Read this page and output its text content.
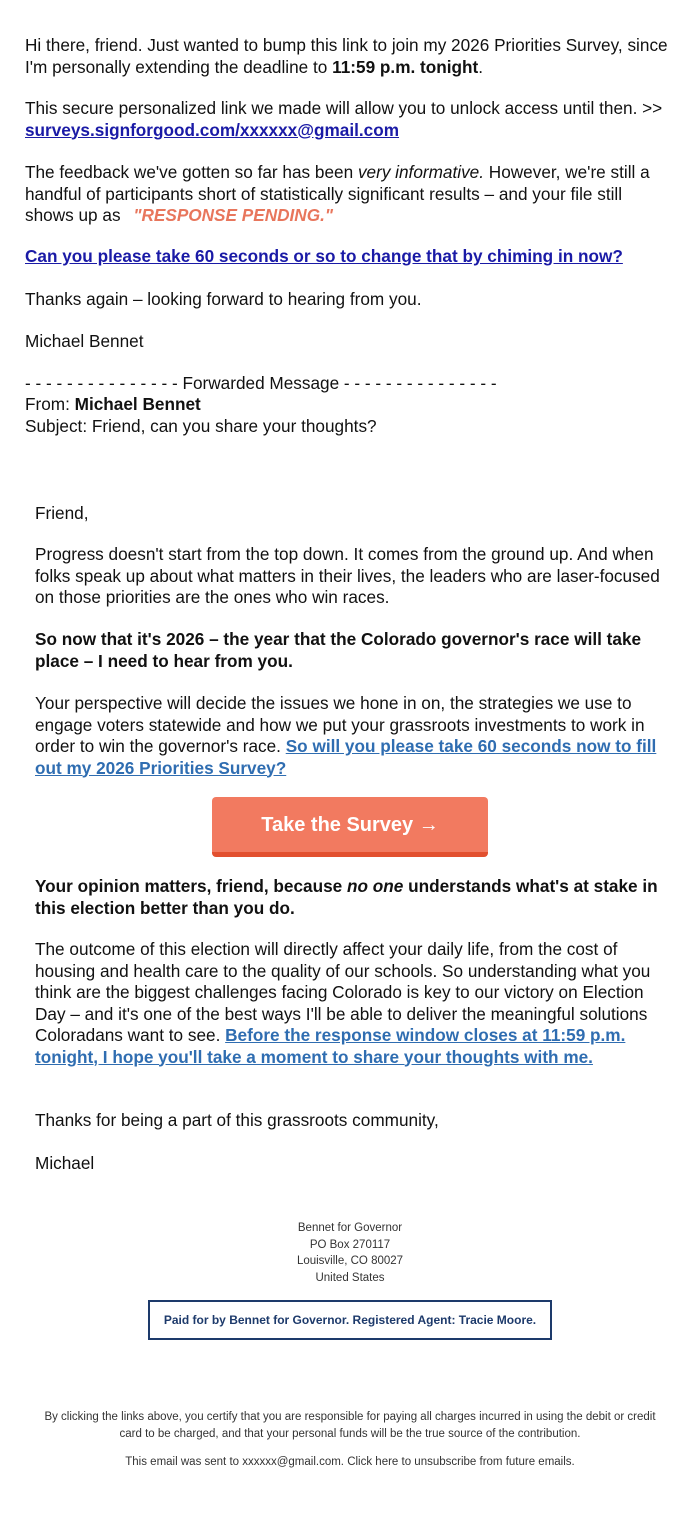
Hi there, friend. Just wanted to bump this link to join my 2026 Priorities Survey, since I'm personally extending the deadline to 11:59 p.m. tonight.

This secure personalized link we made will allow you to unlock access until then. >> surveys.signforgood.com/xxxxxx@gmail.com

The feedback we've gotten so far has been very informative. However, we're still a handful of participants short of statistically significant results – and your file still shows up as "RESPONSE PENDING."

Can you please take 60 seconds or so to change that by chiming in now?

Thanks again – looking forward to hearing from you.

Michael Bennet

- - - - - - - - - - - - - - - Forwarded Message - - - - - - - - - - - - - - -

From: Michael Bennet

Subject: Friend, can you share your thoughts?

Friend,

Progress doesn't start from the top down. It comes from the ground up. And when folks speak up about what matters in their lives, the leaders who are laser-focused on those priorities are the ones who win races.

So now that it's 2026 – the year that the Colorado governor's race will take place – I need to hear from you.

Your perspective will decide the issues we hone in on, the strategies we use to engage voters statewide and how we put your grassroots investments to work in order to win the governor's race. So will you please take 60 seconds now to fill out my 2026 Priorities Survey?

Take the Survey →

Your opinion matters, friend, because no one understands what's at stake in this election better than you do.

The outcome of this election will directly affect your daily life, from the cost of housing and health care to the quality of our schools. So understanding what you think are the biggest challenges facing Colorado is key to our victory on Election Day – and it's one of the best ways I'll be able to deliver the meaningful solutions Coloradans want to see. Before the response window closes at 11:59 p.m. tonight, I hope you'll take a moment to share your thoughts with me.

Thanks for being a part of this grassroots community,

Michael

Bennet for Governor
PO Box 270117
Louisville, CO 80027
United States
Paid for by Bennet for Governor. Registered Agent: Tracie Moore.
By clicking the links above, you certify that you are responsible for paying all charges incurred in using the debit or credit card to be charged, and that your personal funds will be the true source of the contribution.
This email was sent to xxxxxx@gmail.com. Click here to unsubscribe from future emails.
